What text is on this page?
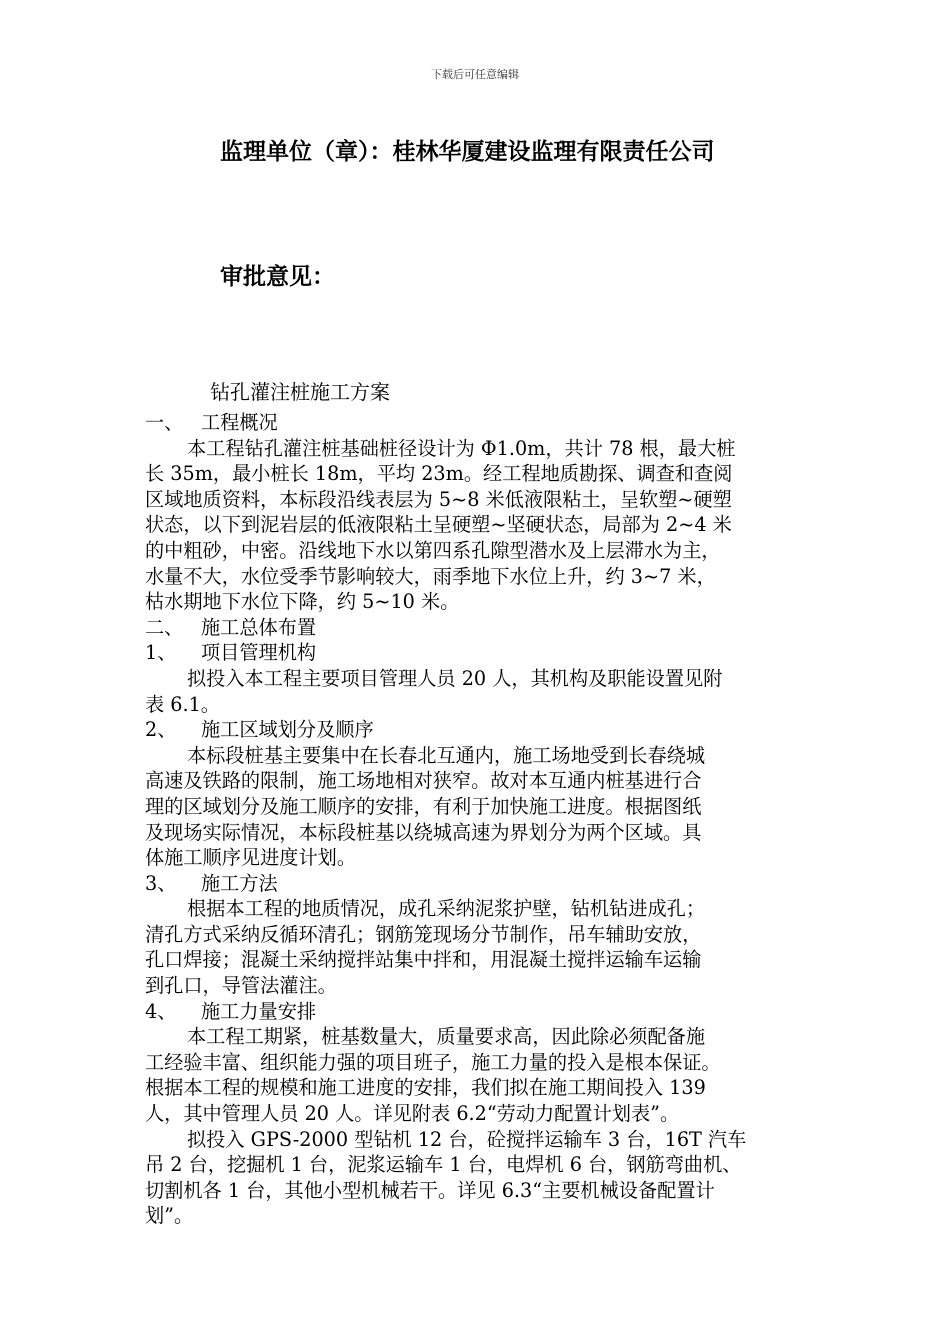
下载后可任意编辑
监理单位（章）：桂林华厦建设监理有限责任公司
审批意见：
钻孔灌注桩施工方案
一、 工程概况
本工程钻孔灌注桩基础桩径设计为 Φ1.0m，共计 78 根，最大桩
长 35m，最小桩长 18m，平均 23m。经工程地质勘探、调查和查阅
区域地质资料，本标段沿线表层为 5~8 米低液限粘土，呈软塑~硬塑
状态，以下到泥岩层的低液限粘土呈硬塑~坚硬状态，局部为 2~4 米
的中粗砂，中密。沿线地下水以第四系孔隙型潜水及上层滞水为主，
水量不大，水位受季节影响较大，雨季地下水位上升，约 3~7 米，
枯水期地下水位下降，约 5~10 米。
二、 施工总体布置
1、 项目管理机构
拟投入本工程主要项目管理人员 20 人，其机构及职能设置见附
表 6.1。
2、 施工区域划分及顺序
本标段桩基主要集中在长春北互通内，施工场地受到长春绕城
高速及铁路的限制，施工场地相对狭窄。故对本互通内桩基进行合
理的区域划分及施工顺序的安排，有利于加快施工进度。根据图纸
及现场实际情况，本标段桩基以绕城高速为界划分为两个区域。具
体施工顺序见进度计划。
3、 施工方法
根据本工程的地质情况，成孔采纳泥浆护壁，钻机钻进成孔；
清孔方式采纳反循环清孔；钢筋笼现场分节制作，吊车辅助安放，
孔口焊接；混凝土采纳搅拌站集中拌和，用混凝土搅拌运输车运输
到孔口，导管法灌注。
4、 施工力量安排
本工程工期紧，桩基数量大，质量要求高，因此除必须配备施
工经验丰富、组织能力强的项目班子，施工力量的投入是根本保证。
根据本工程的规模和施工进度的安排，我们拟在施工期间投入 139
人，其中管理人员 20 人。详见附表 6.2“劳动力配置计划表”。
拟投入 GPS-2000 型钻机 12 台，砼搅拌运输车 3 台，16T 汽车
吊 2 台，挖掘机 1 台，泥浆运输车 1 台，电焊机 6 台，钢筋弯曲机、
切割机各 1 台，其他小型机械若干。详见 6.3“主要机械设备配置计
划”。
